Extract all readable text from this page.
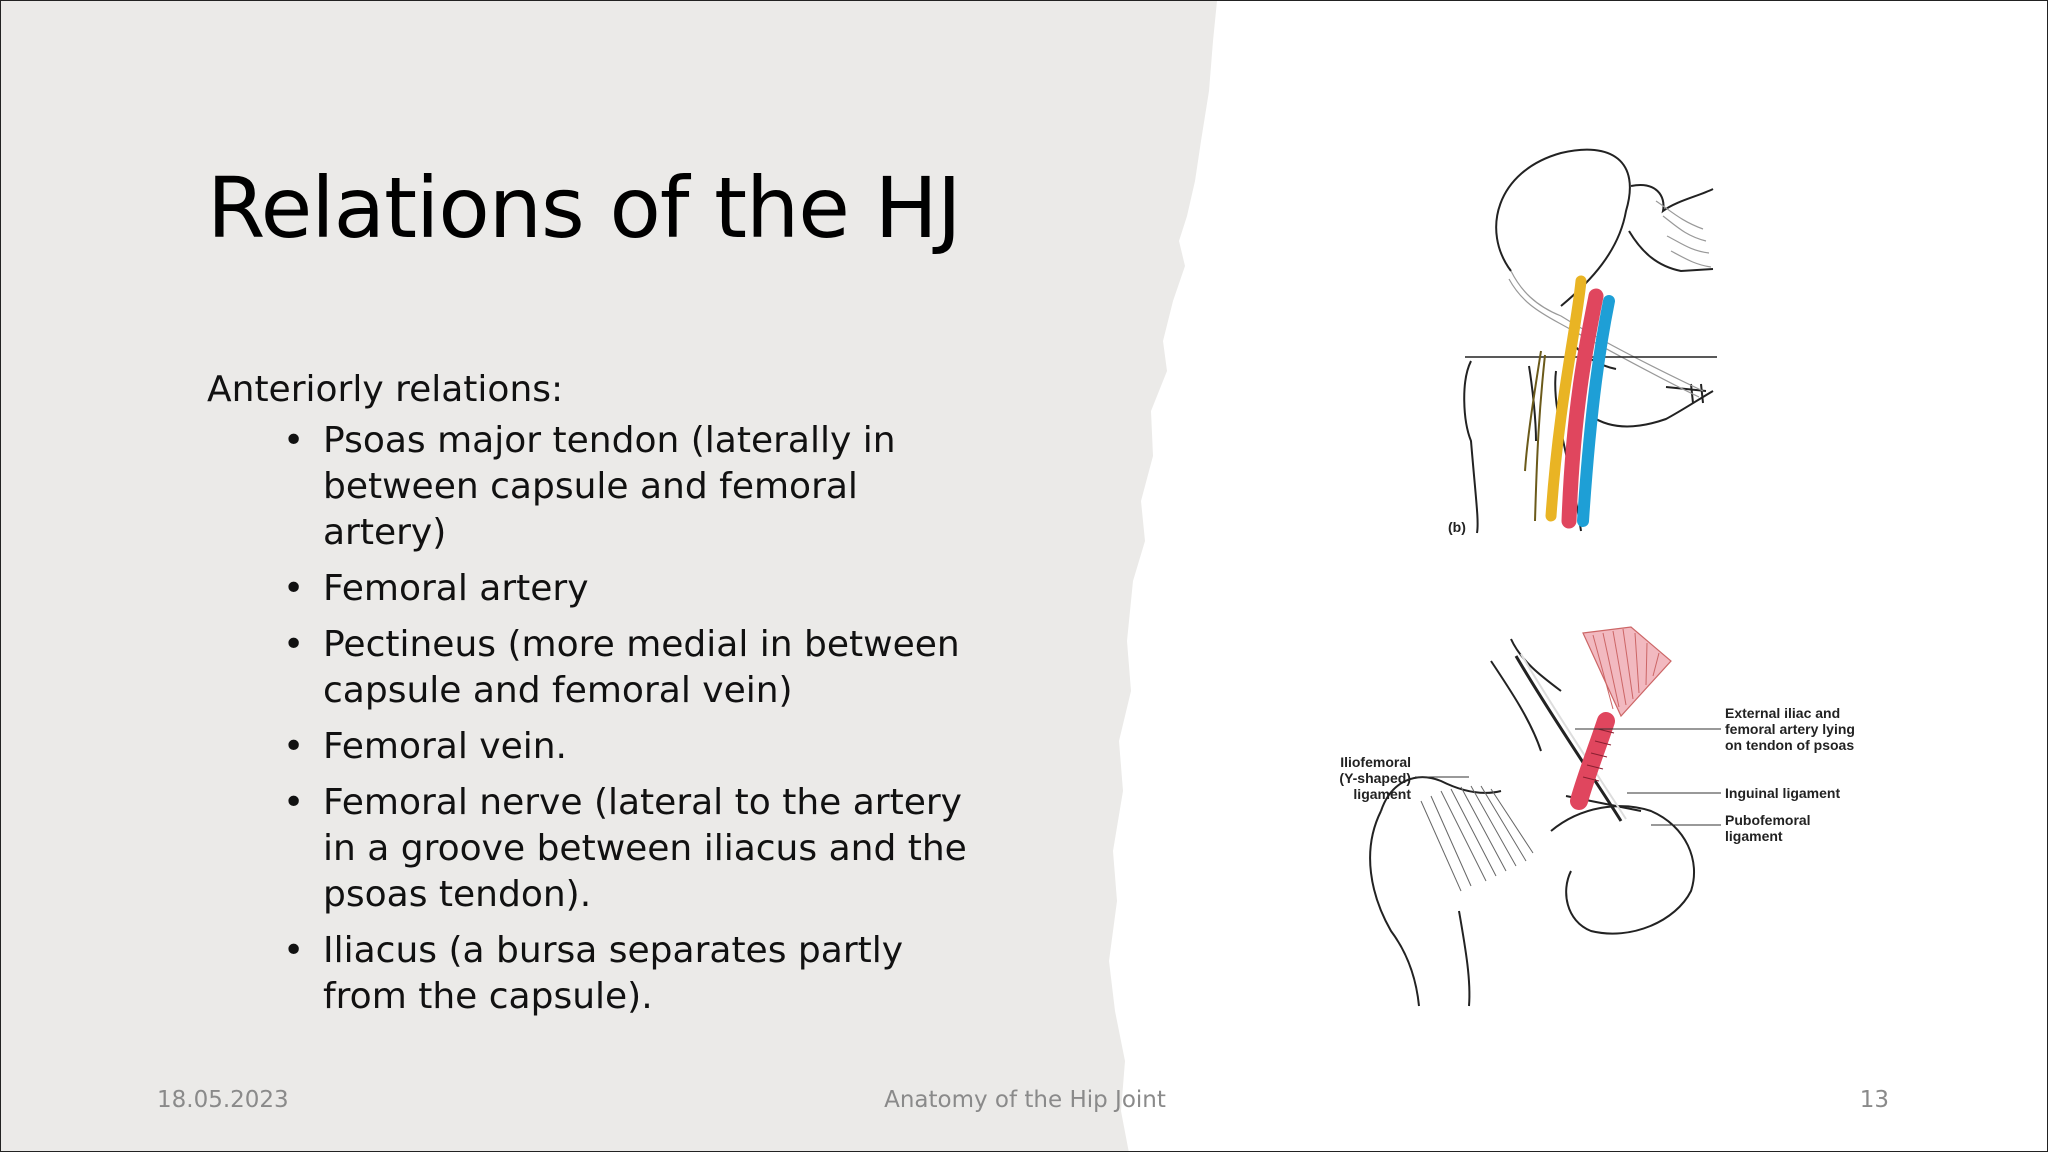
Relations of the HJ
Anteriorly relations:
• Psoas major tendon (laterally in between capsule and femoral artery)
• Femoral artery
• Pectineus (more medial in between capsule and femoral vein)
• Femoral vein.
• Femoral nerve (lateral to the artery in a groove between iliacus and the psoas tendon).
• Iliacus (a bursa separates partly from the capsule).
(b)
Iliofemoral
(Y-shaped)
ligament
External iliac and
femoral artery lying
on tendon of psoas
Inguinal ligament
Pubofemoral
ligament
18.05.2023	Anatomy of the Hip Joint	13
